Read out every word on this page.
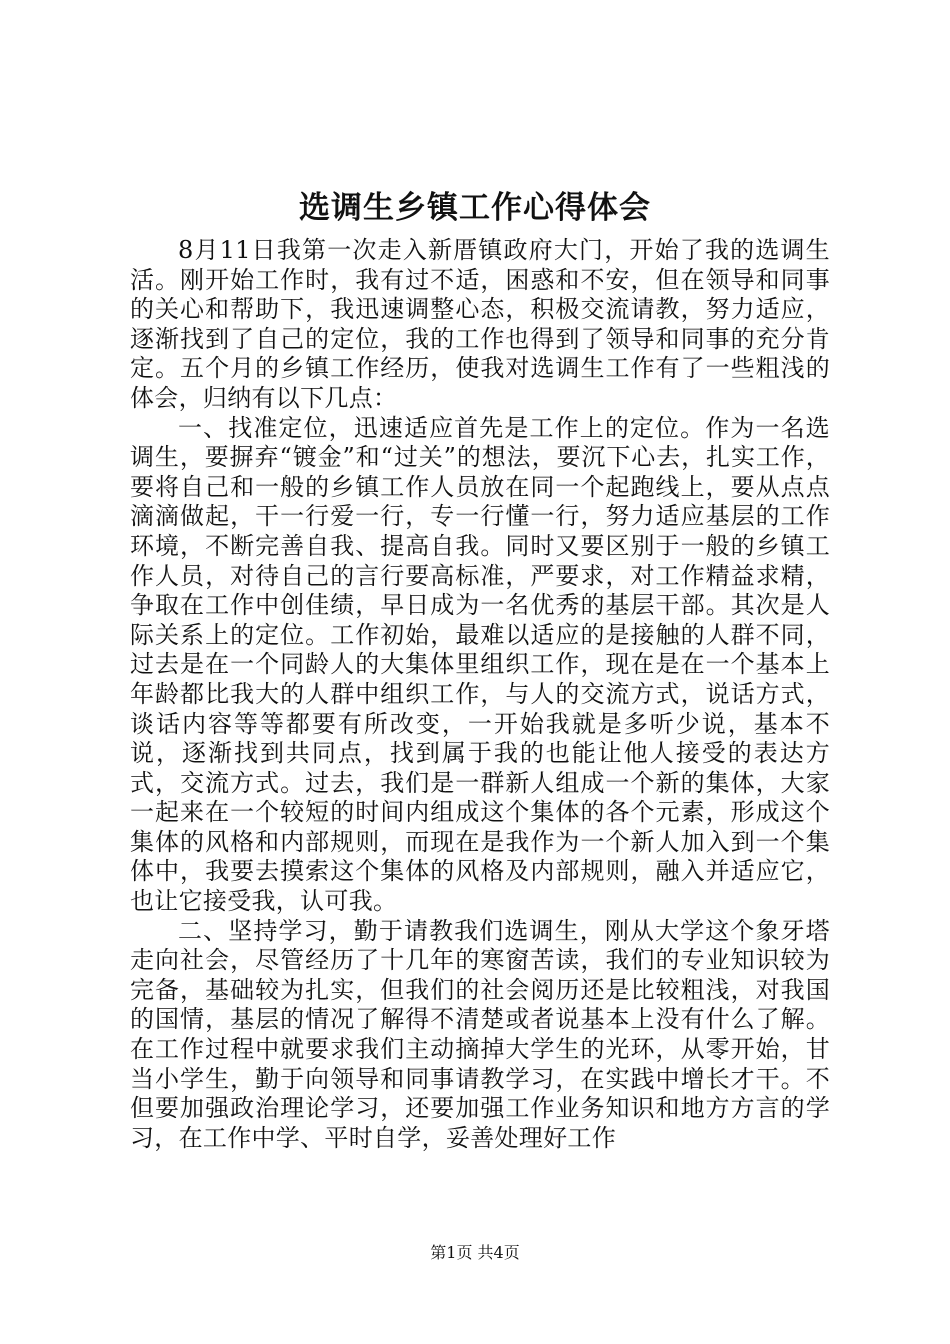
选调生乡镇工作心得体会

8月11日我第一次走入新厝镇政府大门，开始了我的选调生活。刚开始工作时，我有过不适，困惑和不安，但在领导和同事的关心和帮助下，我迅速调整心态，积极交流请教，努力适应，逐渐找到了自己的定位，我的工作也得到了领导和同事的充分肯定。五个月的乡镇工作经历，使我对选调生工作有了一些粗浅的体会，归纳有以下几点：

一、找准定位，迅速适应首先是工作上的定位。作为一名选调生，要摒弃“镀金”和“过关”的想法，要沉下心去，扎实工作，要将自己和一般的乡镇工作人员放在同一个起跑线上，要从点点滴滴做起，干一行爱一行，专一行懂一行，努力适应基层的工作环境，不断完善自我、提高自我。同时又要区别于一般的乡镇工作人员，对待自己的言行要高标准，严要求，对工作精益求精，争取在工作中创佳绩，早日成为一名优秀的基层干部。其次是人际关系上的定位。工作初始，最难以适应的是接触的人群不同，过去是在一个同龄人的大集体里组织工作，现在是在一个基本上年龄都比我大的人群中组织工作，与人的交流方式，说话方式，谈话内容等等都要有所改变，一开始我就是多听少说，基本不说，逐渐找到共同点，找到属于我的也能让他人接受的表达方式，交流方式。过去，我们是一群新人组成一个新的集体，大家一起来在一个较短的时间内组成这个集体的各个元素，形成这个集体的风格和内部规则，而现在是我作为一个新人加入到一个集体中，我要去摸索这个集体的风格及内部规则，融入并适应它，也让它接受我，认可我。

二、坚持学习，勤于请教我们选调生，刚从大学这个象牙塔走向社会，尽管经历了十几年的寒窗苦读，我们的专业知识较为完备，基础较为扎实，但我们的社会阅历还是比较粗浅，对我国的国情，基层的情况了解得不清楚或者说基本上没有什么了解。在工作过程中就要求我们主动摘掉大学生的光环，从零开始，甘当小学生，勤于向领导和同事请教学习，在实践中增长才干。不但要加强政治理论学习，还要加强工作业务知识和地方方言的学习，在工作中学、平时自学，妥善处理好工作

第1页 共4页
